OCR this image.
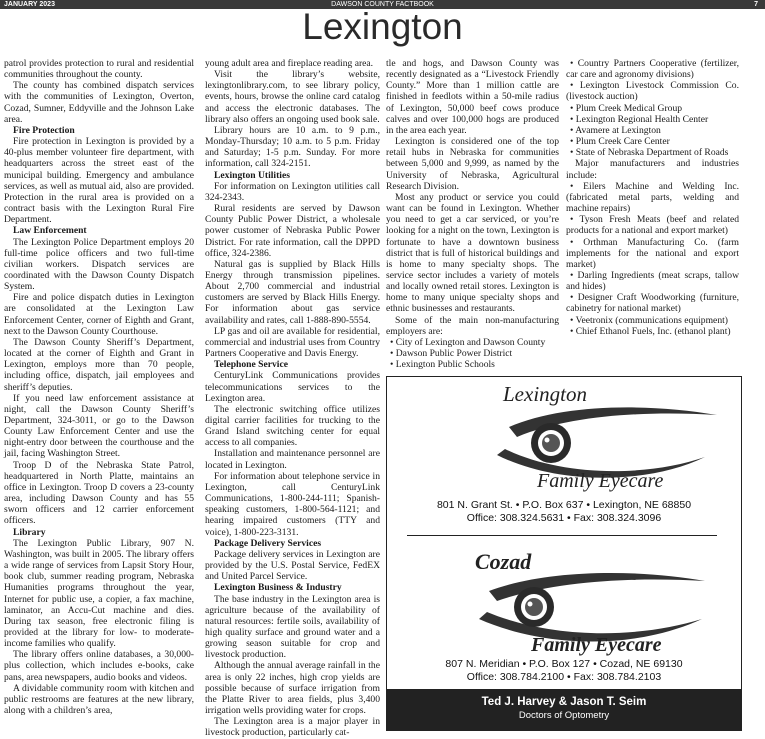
JANUARY 2023	DAWSON COUNTY FACTBOOK	7
Lexington

patrol provides protection to rural and residential communities throughout the county.

The county has combined dispatch services with the communities of Lexington, Overton, Cozad, Sumner, Eddyville and the Johnson Lake area.

Fire Protection

Fire protection in Lexington is provided by a 40-plus member volunteer fire department, with headquarters across the street east of the municipal building. Emergency and ambulance services, as well as mutual aid, also are provided. Protection in the rural area is provided on a contract basis with the Lexington Rural Fire Department.

Law Enforcement

The Lexington Police Department employs 20 full-time police officers and two full-time civilian workers. Dispatch services are coordinated with the Dawson County Dispatch System.

Fire and police dispatch duties in Lexington are consolidated at the Lexington Law Enforcement Center, corner of Eighth and Grant, next to the Dawson County Courthouse.

The Dawson County Sheriff’s Department, located at the corner of Eighth and Grant in Lexington, employs more than 70 people, including office, dispatch, jail employees and sheriff’s deputies.

If you need law enforcement assistance at night, call the Dawson County Sheriff’s Department, 324-3011, or go to the Dawson County Law Enforcement Center and use the night-entry door between the courthouse and the jail, facing Washington Street.

Troop D of the Nebraska State Patrol, headquartered in North Platte, maintains an office in Lexington. Troop D covers a 23-county area, including Dawson County and has 55 sworn officers and 12 carrier enforcement officers.

Library

The Lexington Public Library, 907 N. Washington, was built in 2005. The library offers a wide range of services from Lapsit Story Hour, book club, summer reading program, Nebraska Humanities programs throughout the year, Internet for public use, a copier, a fax machine, laminator, an Accu-Cut machine and dies. During tax season, free electronic filing is provided at the library for low- to moderate-income families who qualify.

The library offers online databases, a 30,000-plus collection, which includes e-books, cake pans, area newspapers, audio books and videos.

A dividable community room with kitchen and public restrooms are features at the new library, along with a children’s area,

young adult area and fireplace reading area.

Visit the library’s website, lexingtonlibrary.com, to see library policy, events, hours, browse the online card catalog and access the electronic databases. The library also offers an ongoing used book sale.

Library hours are 10 a.m. to 9 p.m., Monday-Thursday; 10 a.m. to 5 p.m. Friday and Saturday; 1-5 p.m. Sunday. For more information, call 324-2151.

Lexington Utilities

For information on Lexington utilities call 324-2343.

Rural residents are served by Dawson County Public Power District, a wholesale power customer of Nebraska Public Power District. For rate information, call the DPPD office, 324-2386.

Natural gas is supplied by Black Hills Energy through transmission pipelines. About 2,700 commercial and industrial customers are served by Black Hills Energy. For information about gas service availability and rates, call 1-888-890-5554.

LP gas and oil are available for residential, commercial and industrial uses from Country Partners Cooperative and Davis Energy.

Telephone Service

CenturyLink Communications provides telecommunications services to the Lexington area.

The electronic switching office utilizes digital carrier facilities for trucking to the Grand Island switching center for equal access to all companies.

Installation and maintenance personnel are located in Lexington.

For information about telephone service in Lexington, call CenturyLink Communications, 1-800-244-111; Spanish-speaking customers, 1-800-564-1121; and hearing impaired customers (TTY and voice), 1-800-223-3131.

Package Delivery Services

Package delivery services in Lexington are provided by the U.S. Postal Service, FedEX and United Parcel Service.

Lexington Business & Industry

The base industry in the Lexington area is agriculture because of the availability of natural resources: fertile soils, availability of high quality surface and ground water and a growing season suitable for crop and livestock production.

Although the annual average rainfall in the area is only 22 inches, high crop yields are possible because of surface irrigation from the Platte River to area fields, plus 3,400 irrigation wells providing water for crops.

The Lexington area is a major player in livestock production, particularly cat-

tle and hogs, and Dawson County was recently designated as a “Livestock Friendly County.” More than 1 million cattle are finished in feedlots within a 50-mile radius of Lexington, 50,000 beef cows produce calves and over 100,000 hogs are produced in the area each year.

Lexington is considered one of the top retail hubs in Nebraska for communities between 5,000 and 9,999, as named by the University of Nebraska, Agricultural Research Division.

Most any product or service you could want can be found in Lexington. Whether you need to get a car serviced, or you’re looking for a night on the town, Lexington is fortunate to have a downtown business district that is full of historical buildings and is home to many specialty shops. The service sector includes a variety of motels and locally owned retail stores. Lexington is home to many unique specialty shops and ethnic businesses and restaurants.

Some of the main non-manufacturing employers are:

• City of Lexington and Dawson County

• Dawson Public Power District

• Lexington Public Schools

• Country Partners Cooperative (fertilizer, car care and agronomy divisions)

• Lexington Livestock Commission Co. (livestock auction)

• Plum Creek Medical Group

• Lexington Regional Health Center

• Avamere at Lexington

• Plum Creek Care Center

• State of Nebraska Department of Roads

Major manufacturers and industries include:

• Eilers Machine and Welding Inc. (fabricated metal parts, welding and machine repairs)

• Tyson Fresh Meats (beef and related products for a national and export market)

• Orthman Manufacturing Co. (farm implements for the national and export market)

• Darling Ingredients (meat scraps, tallow and hides)

• Designer Craft Woodworking (furniture, cabinetry for national market)

• Veetronix (communications equipment)

• Chief Ethanol Fuels, Inc. (ethanol plant)

Lexington
Family Eyecare
801 N. Grant St. • P.O. Box 637 • Lexington, NE 68850
Office: 308.324.5631 • Fax: 308.324.3096
Cozad
Family Eyecare
807 N. Meridian • P.O. Box 127 • Cozad, NE 69130
Office: 308.784.2100 • Fax: 308.784.2103
Ted J. Harvey & Jason T. Seim
Doctors of Optometry
